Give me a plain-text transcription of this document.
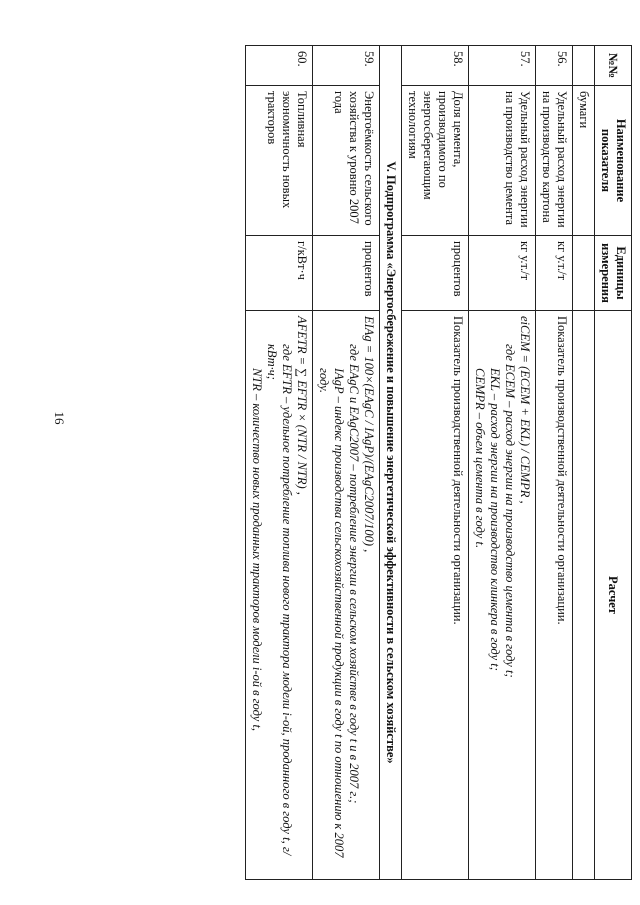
16
№№	Наименование показателя	Единицы измерения	Расчет
	бумаги		
56.	Удельный расход энергии на производство картона	кг у.т./т	Показатель производственной деятельности организации.
57.	Удельный расход энергии на производство цемента	кг у.т./т	eiCEM = (ECEM + EKL) / CEMPR ,
где ECEM – расход энергии на производство цемента в году t;
EKL – расход энергии на производство клинкера в году t;
CEMPR – объем цемента в году t.

58.	Доля цемента, производимого по энергосберегающим технологиям	процентов	Показатель производственной деятельности организации.
V. Подпрограмма «Энергосбережение и повышение энергетической эффективности в сельском хозяйстве»			
59.	Энергоёмкость сельского хозяйства к уровню 2007 года	процентов	EIAg = 100×(EAgC / IAgP)/(EAgC2007/100) ,
где EAgC и EAgC2007 – потребление энергии в сельском хозяйстве в году t и в 2007 г.;
IAgP – индекс производства сельскохозяйственной продукции в году t по отношению к 2007 году.

60.	Топливная экономичность новых тракторов	г/кВт·ч	AFETR = ∑ EFTR × (NTR / NTR) ,
где EFTR – удельное потребление топлива нового трактора модели i-ой, проданного в году t, г/кВт·ч;
NTR – количество новых проданных тракторов модели i-ой в году t,
